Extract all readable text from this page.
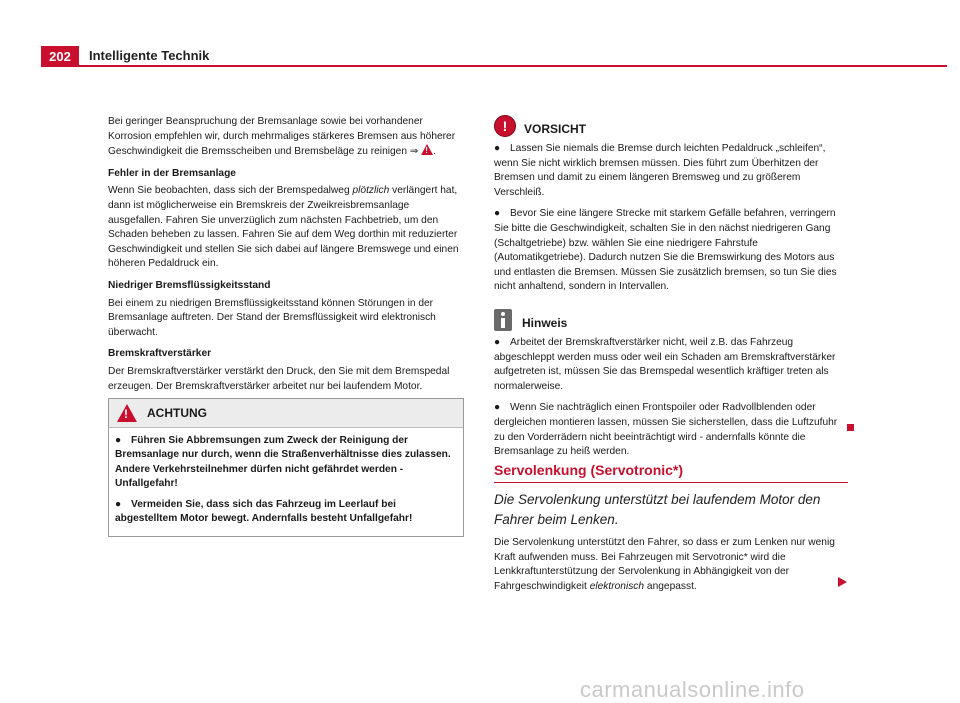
202	Intelligente Technik

Bei geringer Beanspruchung der Bremsanlage sowie bei vorhandener Korrosion empfehlen wir, durch mehrmaliges stärkeres Bremsen aus höherer Geschwindigkeit die Bremsscheiben und Bremsbeläge zu reinigen ⇒ ! .

Fehler in der Bremsanlage

Wenn Sie beobachten, dass sich der Bremspedalweg plötzlich verlängert hat, dann ist möglicherweise ein Bremskreis der Zweikreisbremsanlage ausgefallen. Fahren Sie unverzüglich zum nächsten Fachbetrieb, um den Schaden beheben zu lassen. Fahren Sie auf dem Weg dorthin mit reduzierter Geschwindigkeit und stellen Sie sich dabei auf längere Bremswege und einen höheren Pedaldruck ein.

Niedriger Bremsflüssigkeitsstand

Bei einem zu niedrigen Bremsflüssigkeitsstand können Störungen in der Bremsanlage auftreten. Der Stand der Bremsflüssigkeit wird elektronisch überwacht.

Bremskraftverstärker

Der Bremskraftverstärker verstärkt den Druck, den Sie mit dem Bremspedal erzeugen. Der Bremskraftverstärker arbeitet nur bei laufendem Motor.

!
ACHTUNG

● Führen Sie Abbremsungen zum Zweck der Reinigung der Bremsanlage nur durch, wenn die Straßenverhältnisse dies zulassen. Andere Verkehrsteilnehmer dürfen nicht gefährdet werden - Unfallgefahr!

● Vermeiden Sie, dass sich das Fahrzeug im Leerlauf bei abgestelltem Motor bewegt. Andernfalls besteht Unfallgefahr!

!	VORSICHT

● Lassen Sie niemals die Bremse durch leichten Pedaldruck „schleifen“, wenn Sie nicht wirklich bremsen müssen. Dies führt zum Überhitzen der Bremsen und damit zu einem längeren Bremsweg und zu größerem Verschleiß.

● Bevor Sie eine längere Strecke mit starkem Gefälle befahren, verringern Sie bitte die Geschwindigkeit, schalten Sie in den nächst niedrigeren Gang (Schaltgetriebe) bzw. wählen Sie eine niedrigere Fahrstufe (Automatikgetriebe). Dadurch nutzen Sie die Bremswirkung des Motors aus und entlasten die Bremsen. Müssen Sie zusätzlich bremsen, so tun Sie dies nicht anhaltend, sondern in Intervallen.

Hinweis

● Arbeitet der Bremskraftverstärker nicht, weil z.B. das Fahrzeug abgeschleppt werden muss oder weil ein Schaden am Bremskraftverstärker aufgetreten ist, müssen Sie das Bremspedal wesentlich kräftiger treten als normalerweise.

● Wenn Sie nachträglich einen Frontspoiler oder Radvollblenden oder dergleichen montieren lassen, müssen Sie sicherstellen, dass die Luftzufuhr zu den Vorderrädern nicht beeinträchtigt wird - andernfalls könnte die Bremsanlage zu heiß werden.

Servolenkung (Servotronic*)
Die Servolenkung unterstützt bei laufendem Motor den Fahrer beim Lenken.
Die Servolenkung unterstützt den Fahrer, so dass er zum Lenken nur wenig Kraft aufwenden muss. Bei Fahrzeugen mit Servotronic* wird die Lenkkraftunterstützung der Servolenkung in Abhängigkeit von der Fahrgeschwindigkeit elektronisch angepasst.
carmanualsonline.info
